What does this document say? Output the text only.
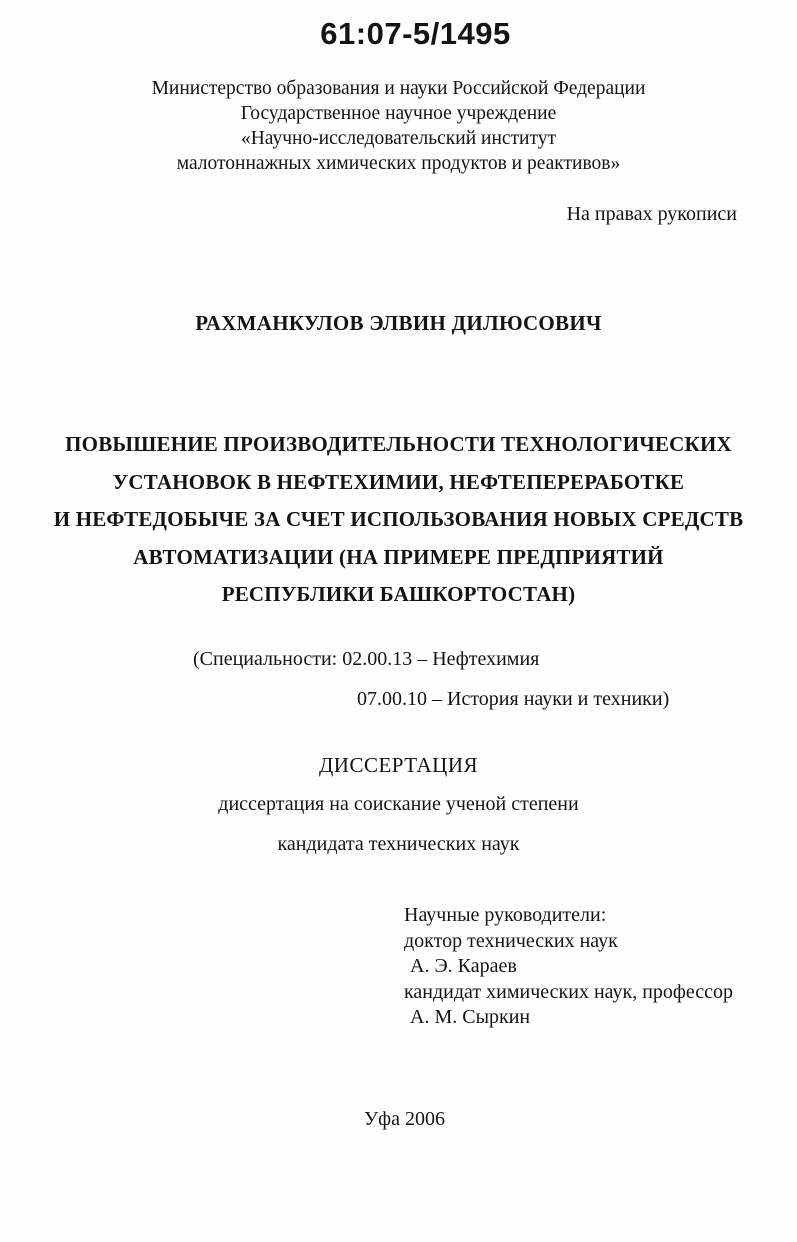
61:07-5/1495
Министерство образования и науки Российской Федерации
Государственное научное учреждение
«Научно-исследовательский институт
малотоннажных химических продуктов и реактивов»
На правах рукописи
РАХМАНКУЛОВ ЭЛВИН ДИЛЮСОВИЧ
ПОВЫШЕНИЕ ПРОИЗВОДИТЕЛЬНОСТИ ТЕХНОЛОГИЧЕСКИХ
УСТАНОВОК В НЕФТЕХИМИИ, НЕФТЕПЕРЕРАБОТКЕ
И НЕФТЕДОБЫЧЕ ЗА СЧЕТ ИСПОЛЬЗОВАНИЯ НОВЫХ СРЕДСТВ
АВТОМАТИЗАЦИИ (НА ПРИМЕРЕ ПРЕДПРИЯТИЙ
РЕСПУБЛИКИ БАШКОРТОСТАН)
(Специальности: 02.00.13 – Нефтехимия
07.00.10 – История науки и техники)
ДИССЕРТАЦИЯ
диссертация на соискание ученой степени
кандидата технических наук
Научные руководители:
доктор технических наук
А. Э. Караев
кандидат химических наук, профессор
А. М. Сыркин
Уфа 2006
